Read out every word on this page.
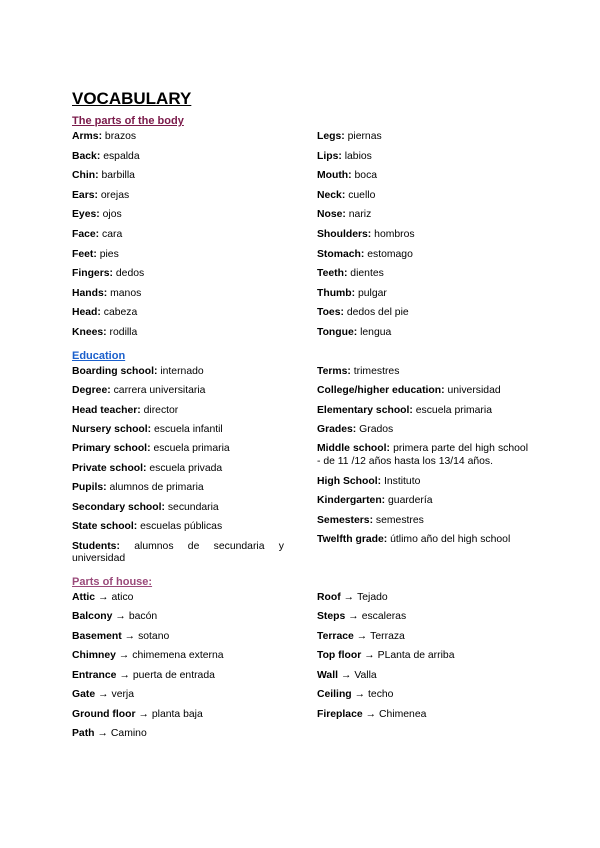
VOCABULARY
The parts of the body
Arms: brazos
Back: espalda
Chin: barbilla
Ears: orejas
Eyes: ojos
Face: cara
Feet: pies
Fingers: dedos
Hands: manos
Head: cabeza
Knees: rodilla
Legs: piernas
Lips: labios
Mouth: boca
Neck: cuello
Nose: nariz
Shoulders: hombros
Stomach: estomago
Teeth: dientes
Thumb: pulgar
Toes: dedos del pie
Tongue: lengua
Education
Boarding school: internado
Degree: carrera universitaria
Head teacher: director
Nursery school: escuela infantil
Primary school: escuela primaria
Private school: escuela privada
Pupils: alumnos de primaria
Secondary school: secundaria
State school: escuelas públicas
Students: alumnos de secundaria y universidad
Terms: trimestres
College/higher education: universidad
Elementary school: escuela primaria
Grades: Grados
Middle school: primera parte del high school - de 11 /12 años hasta los 13/14 años.
High School: Instituto
Kindergarten: guardería
Semesters: semestres
Twelfth grade: útlimo año del high school
Parts of house:
Attic → atico
Balcony → bacón
Basement → sotano
Chimney → chimemena externa
Entrance → puerta de entrada
Gate → verja
Ground floor → planta baja
Path → Camino
Roof → Tejado
Steps → escaleras
Terrace → Terraza
Top floor → PLanta de arriba
Wall → Valla
Ceiling → techo
Fireplace → Chimenea
